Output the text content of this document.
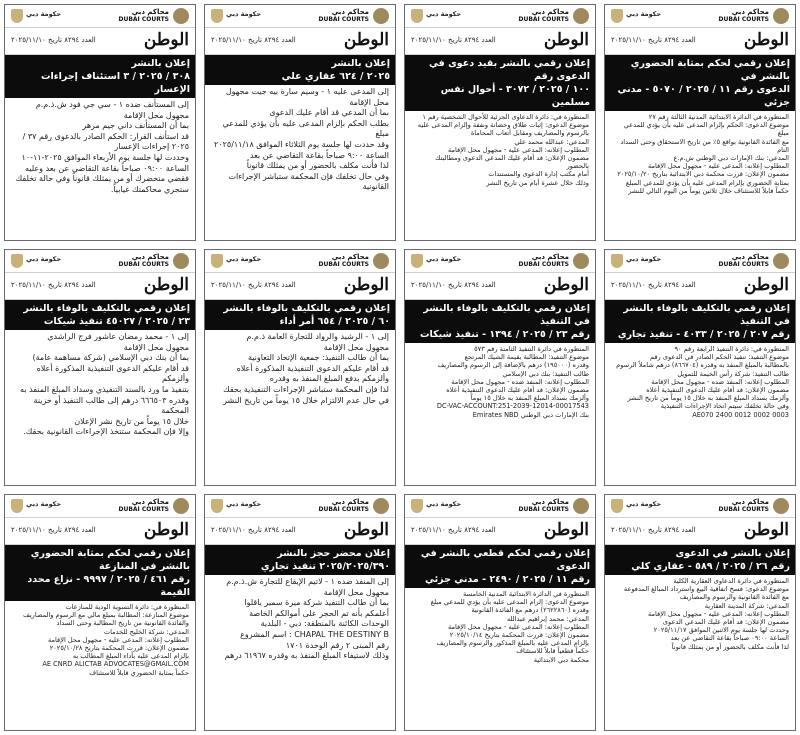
محاكم دبي
DUBAI COURTS
حكومة دبي
الوطن
العدد ٨٢٩٤ تاريخ ٢٠٢٥/١١/١٠
إعلان رقمي لحكم بمثابة الحضوري بالنشر في
الدعوى رقم ١١ / ٢٠٢٥ / ٥٠٧٠ - مدني جزئي
المنظورة في الدائرة الابتدائية المدنية الثالثة رقم ٢٧
موضوع الدعوى: الحكم بإلزام المدعى عليه بأن يؤدي للمدعي مبلغ
مع الفائدة القانونية بواقع ٥٪ من تاريخ الاستحقاق وحتى السداد التام
المدعي: بنك الإمارات دبي الوطني ش.م.ع
المطلوب إعلانه: المدعى عليه - مجهول محل الإقامة
مضمون الإعلان: قررت محكمة دبي الابتدائية بتاريخ ٢٠٢٥/١٠/٢٠
بمثابة الحضوري بإلزام المدعى عليه بأن يؤدي للمدعي المبلغ
حكماً قابلاً للاستئناف خلال ثلاثين يوماً من اليوم التالي للنشر
محاكم دبي
DUBAI COURTS
حكومة دبي
الوطن
العدد ٨٢٩٤ تاريخ ٢٠٢٥/١١/١٠
إعلان رقمي بالنشر بقيد دعوى في الدعوى رقم
١٠٠ / ٢٠٢٥ / ٣٠٧٢ - أحوال نفس مسلمين
المنظورة في: دائرة الدعاوى الجزئية للأحوال الشخصية رقم ١
موضوع الدعوى: إثبات طلاق وحضانة ونفقة وإلزام المدعى عليه
بالرسوم والمصاريف ومقابل أتعاب المحاماة
المدعي: عبدالله محمد علي
المطلوب إعلانه: المدعى عليه - مجهول محل الإقامة
مضمون الإعلان: قد أقام عليك المدعي الدعوى ومطالبتك بالحضور
أمام مكتب إدارة الدعوى والمستندات
وذلك خلال عشرة أيام من تاريخ النشر
محاكم دبي
DUBAI COURTS
حكومة دبي
الوطن
العدد ٨٢٩٤ تاريخ ٢٠٢٥/١١/١٠
إعلان بالنشر
٢٠٢٥ / ٦٢٤ عقاري علي
إلى المدعى عليه ١ - وسيم سارة بيه جيت مجهول محل الإقامة
بما أن المدعي قد أقام عليك الدعوى
بطلب الحكم بإلزام المدعى عليه بأن يؤدي للمدعي مبلغ
وقد حددت لها جلسة يوم الثلاثاء الموافق ٢٠٢٥/١١/١٨
الساعة ٩:٠٠ صباحاً بقاعة التقاضي عن بعد
لذا فأنت مكلف بالحضور أو من يمثلك قانوناً
وفي حال تخلفك فإن المحكمة ستباشر الإجراءات القانونية
محاكم دبي
DUBAI COURTS
حكومة دبي
الوطن
العدد ٨٢٩٤ تاريخ ٢٠٢٥/١١/١٠
إعلان بالنشر
٣٠٨ / ٢٠٢٥ / ٣ استئناف إجراءات الإعسار
إلى المستأنف ضده ١ - سي جي فود ش.ذ.م.م
مجهول محل الإقامة
بما أن المستأنف داني جيم مرهر
قد استأنف القرار: الحكم الصادر بالدعوى رقم ٣٧ /
٢٠٢٥ إجراءات الإعسار
وحددت لها جلسة يوم الأربعاء الموافق ٢٠٢٥-١١-١٠
الساعة ٠٩:٠٠ صباحاً بقاعة التقاضي عن بعد وعليه
فقضي متحضرك أو من يمثلك قانوناً وفي حالة تخلفك
ستجري محاكمتك غيابياً.
محاكم دبي
DUBAI COURTS
حكومة دبي
الوطن
العدد ٨٢٩٤ تاريخ ٢٠٢٥/١١/١٠
إعلان رقمي بالتكليف بالوفاء بالنشر في التنفيذ
رقم ٢٠٧ / ٢٠٢٥ / ٤٠٣٣ - تنفيذ تجاري
المنظورة في: دائرة التنفيذ الرابعة رقم ٩٠
موضوع التنفيذ: تنفيذ الحكم الصادر في الدعوى رقم
بالمطالبة بالمبلغ المنفذ به وقدره (٨٦٦٧٠٤) درهم شاملاً الرسوم
طالب التنفيذ: شركة رأس الخيمة للتمويل
المطلوب إعلانه: المنفذ ضده - مجهول محل الإقامة
مضمون الإعلان: قد أقام عليك الدعوى التنفيذية أعلاه
وألزمك بسداد المبلغ المنفذ به خلال ١٥ يوماً من تاريخ النشر
وفي حالة تخلفك سيتم اتخاذ الإجراءات التنفيذية
AE070 2400 0012 0002 0003
محاكم دبي
DUBAI COURTS
حكومة دبي
الوطن
العدد ٨٢٩٤ تاريخ ٢٠٢٥/١١/١٠
إعلان رقمي بالتكليف بالوفاء بالنشر في التنفيذ
رقم ٢٣ / ٢٠٢٥ / ١٣٩٤ - تنفيذ شيكات
المنظورة في دائرة التنفيذ الثامنة رقم ٥٧٣
موضوع التنفيذ: المطالبة بقيمة الشيك المرتجع
وقدره (١٩٥٠٠٠) درهم بالإضافة إلى الرسوم والمصاريف
طالب التنفيذ: بنك دبي الإسلامي
المطلوب إعلانه: المنفذ ضده - مجهول محل الإقامة
مضمون الإعلان: قد أقام عليك الدعوى التنفيذية أعلاه
وألزمك بسداد المبلغ المنفذ به خلال ١٥ يوماً
DC-VAC-ACCOUNT:251-2039-12014-00017543
بنك الإمارات دبي الوطني Emirates NBD
محاكم دبي
DUBAI COURTS
حكومة دبي
الوطن
العدد ٨٢٩٤ تاريخ ٢٠٢٥/١١/١٠
إعلان رقمي بالتكليف بالوفاء بالنشر
٦٠ / ٢٠٢٥ / ٦٥٤ أمر أداء
إلى ١ - الرشيد والرواد للتجارة العامة ذ.م.م
مجهول محل الإقامة
بما أن طالب التنفيذ: جمعية الإتحاد التعاونية
قد أقام عليكم الدعوى التنفيذية المذكورة أعلاه
وألزمكم بدفع المبلغ المنفذ به وقدره
لذا فإن المحكمة ستباشر الإجراءات التنفيذية بحقك
في حال عدم الالتزام خلال ١٥ يوماً من تاريخ النشر
محاكم دبي
DUBAI COURTS
حكومة دبي
الوطن
العدد ٨٢٩٤ تاريخ ٢٠٢٥/١١/١٠
إعلان رقمي بالتكليف بالوفاء بالنشر
٢٣ / ٢٠٢٥ / ٤٥٠٢٧ تنفيذ شيكات
إلى ١ - محمد رمضان عاشور فرج الراشدي
مجهول محل الإقامة
بما أن بنك دبي الإسلامي (شركة مساهمة عامة)
قد أقام عليكم الدعوى التنفيذية المذكورة أعلاه وألزمكم
بتنفيذ ما ورد بالسند التنفيذي وسداد المبلغ المنفذ به
وقدره ٦٦٦٥٠٣ درهم إلى طالب التنفيذ أو خزينة المحكمة
خلال ١٥ يوماً من تاريخ نشر الإعلان
وإلا فإن المحكمة ستتخذ الإجراءات القانونية بحقك.
محاكم دبي
DUBAI COURTS
حكومة دبي
الوطن
العدد ٨٢٩٤ تاريخ ٢٠٢٥/١١/١٠
إعلان بالنشر في الدعوى
رقم ٢٦ / ٢٠٢٥ / ٥٨٩ - عقاري كلي
المنظورة في دائرة الدعاوى العقارية الكلية
موضوع الدعوى: فسخ اتفاقية البيع واسترداد المبالغ المدفوعة
مع الفائدة القانونية والرسوم والمصاريف
المدعي: شركة المدينة العقارية
المطلوب إعلانه: المدعى عليه - مجهول محل الإقامة
مضمون الإعلان: قد أقام عليك المدعي الدعوى
وحددت لها جلسة يوم الاثنين الموافق ٢٠٢٥/١١/١٧
الساعة ٠٩:٠٠ صباحاً بقاعة التقاضي عن بعد
لذا فأنت مكلف بالحضور أو من يمثلك قانوناً
محاكم دبي
DUBAI COURTS
حكومة دبي
الوطن
العدد ٨٢٩٤ تاريخ ٢٠٢٥/١١/١٠
إعلان رقمي لحكم قطعي بالنشر في الدعوى
رقم ١١ / ٢٠٢٥ / ٢٤٩٠ - مدني جزئي
المنظورة في الدائرة الابتدائية المدنية الخامسة
موضوع الدعوى: إلزام المدعى عليه بأن يؤدي للمدعي مبلغ
وقدره (٢٦٢٢٨٦٠) درهم مع الفائدة القانونية
المدعي: محمد إبراهيم عبدالله
المطلوب إعلانه: المدعى عليه - مجهول محل الإقامة
مضمون الإعلان: قررت المحكمة بتاريخ ٢٠٢٥/١٠/١٤
بإلزام المدعى عليه بالمبلغ المذكور والرسوم والمصاريف
حكماً قطعياً قابلاً للاستئناف
محكمة دبي الابتدائية
محاكم دبي
DUBAI COURTS
حكومة دبي
الوطن
العدد ٨٢٩٤ تاريخ ٢٠٢٥/١١/١٠
إعلان محضر حجز بالنشر
٢٠٢٥/٢٠٢٥/٣٩٠ تنفيذ تجاري
إلى المنفذ ضده ١ - لاتيم الإيقاع للتجارة ش.ذ.م.م
مجهول محل الإقامة
بما أن طالب التنفيذ شركة ميرة سمير ياقلوا
أعلمكم بأنه تم الحجز على أموالكم الخاصة
الوحدات الكائنة بالمنطقة: دبي - البلدية
CHAPAL THE DESTINY B : اسم المشروع
رقم المبنى ٢ رقم الوحدة ١٧٠١
وذلك لاستيفاء المبلغ المنفذ به وقدره ٦١٩٦٧ درهم
محاكم دبي
DUBAI COURTS
حكومة دبي
الوطن
العدد ٨٢٩٤ تاريخ ٢٠٢٥/١١/١٠
إعلان رقمي لحكم بمثابة الحضوري بالنشر في المنازعة
رقم ٤٦١ / ٢٠٢٥ / ٩٩٩٧ - نزاع محدد القيمة
المنظورة في: دائرة التسوية الودية للمنازعات
موضوع المنازعة: المطالبة بمبلغ مالي مع الرسوم والمصاريف
والفائدة القانونية من تاريخ المطالبة وحتى السداد
المدعي: شركة الخليج للخدمات
المطلوب إعلانه: المدعى عليه - مجهول محل الإقامة
مضمون الإعلان: قررت المحكمة بتاريخ ٢٠٢٥/١٠/٢٨
بإلزام المدعى عليه بأداء المبلغ المطالب به
AE CNRD ALICTAB ADVOCATES@GMAIL.COM
حكماً بمثابة الحضوري قابلاً للاستئناف
